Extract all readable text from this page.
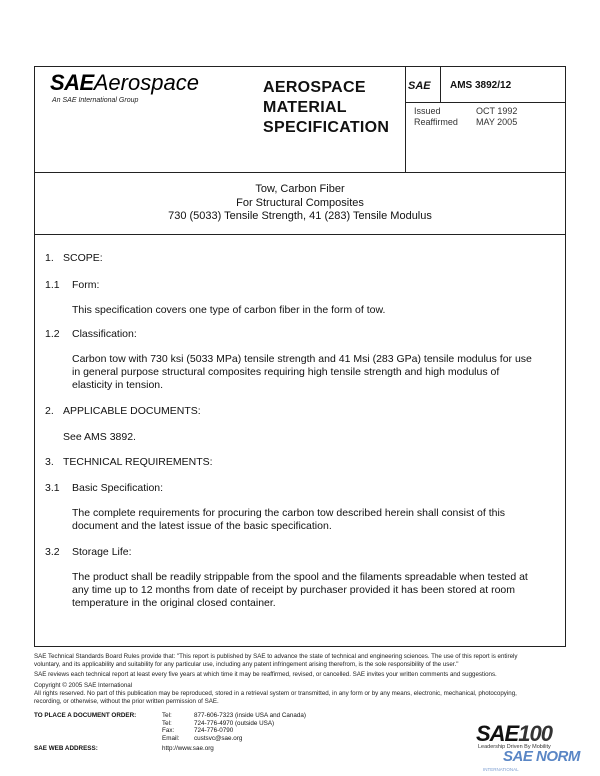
SAEAerospace
An SAE International Group
AEROSPACE
MATERIAL
SPECIFICATION
SAE AMS 3892/12
Issued
Reaffirmed
OCT 1992
MAY 2005
Tow, Carbon Fiber
For Structural Composites
730 (5033) Tensile Strength, 41 (283) Tensile Modulus
1. SCOPE:
1.1 Form:
This specification covers one type of carbon fiber in the form of tow.
1.2 Classification:
Carbon tow with 730 ksi (5033 MPa) tensile strength and 41 Msi (283 GPa) tensile modulus for use
in general purpose structural composites requiring high tensile strength and high modulus of
elasticity in tension.
2. APPLICABLE DOCUMENTS:
See AMS 3892.
3. TECHNICAL REQUIREMENTS:
3.1 Basic Specification:
The complete requirements for procuring the carbon tow described herein shall consist of this
document and the latest issue of the basic specification.
3.2 Storage Life:
The product shall be readily strippable from the spool and the filaments spreadable when tested at
any time up to 12 months from date of receipt by purchaser provided it has been stored at room
temperature in the original closed container.
SAE Technical Standards Board Rules provide that: "This report is published by SAE to advance the state of technical and engineering sciences. The use of this report is entirely
voluntary, and its applicability and suitability for any particular use, including any patent infringement arising therefrom, is the sole responsibility of the user."
SAE reviews each technical report at least every five years at which time it may be reaffirmed, revised, or cancelled. SAE invites your written comments and suggestions.
Copyright © 2005 SAE International
All rights reserved. No part of this publication may be reproduced, stored in a retrieval system or transmitted, in any form or by any means, electronic, mechanical, photocopying,
recording, or otherwise, without the prior written permission of SAE.
TO PLACE A DOCUMENT ORDER:	Tel:
Tel:
Fax:
Email:
877-606-7323 (inside USA and Canada)
724-776-4970 (outside USA)
724-776-0790
custsvc@sae.org
SAE WEB ADDRESS:	http://www.sae.org
SAE100
Leadership Driven By Mobility
SAE NORM
INTERNATIONAL
